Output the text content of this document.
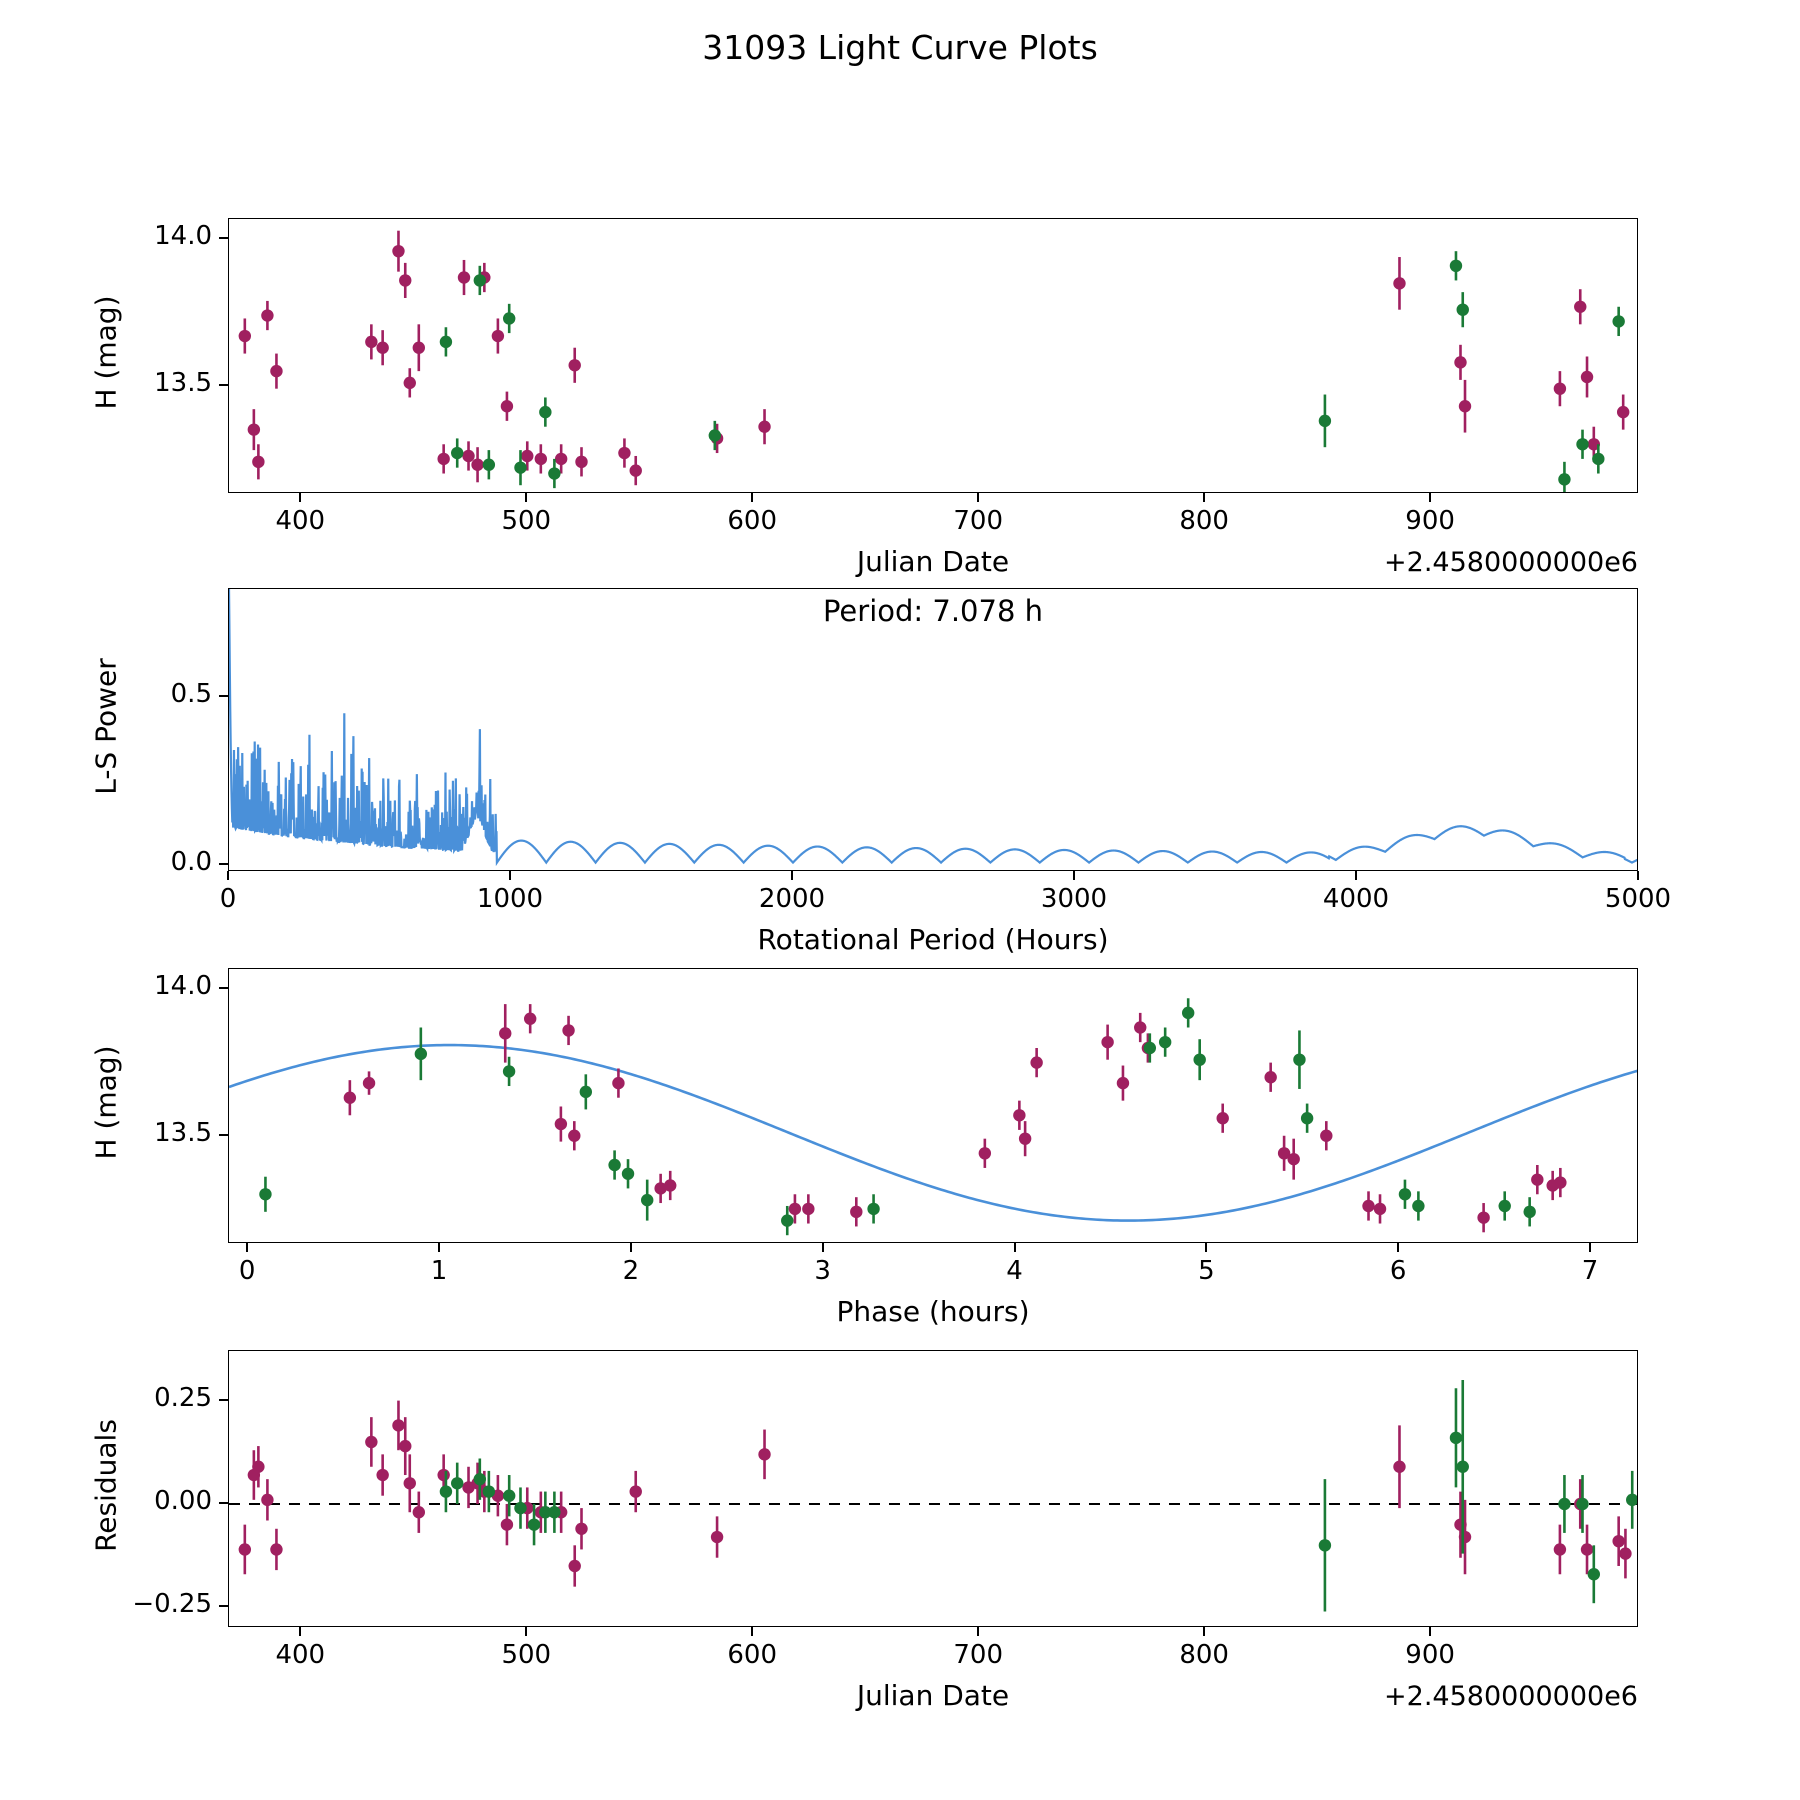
31093 Light Curve Plots
400	500	600	700	800	900
13.5
14.0
Julian Date	+2.4580000000e6
H (mag)
0	1000	2000	3000	4000	5000
0.0
0.5
Rotational Period (Hours)
L-S Power
Period: 7.078 h
0	1	2	3	4	5	6	7
13.5
14.0
Phase (hours)
H (mag)
400	500	600	700	800	900
−0.25
0.00
0.25
Julian Date	+2.4580000000e6
Residuals
